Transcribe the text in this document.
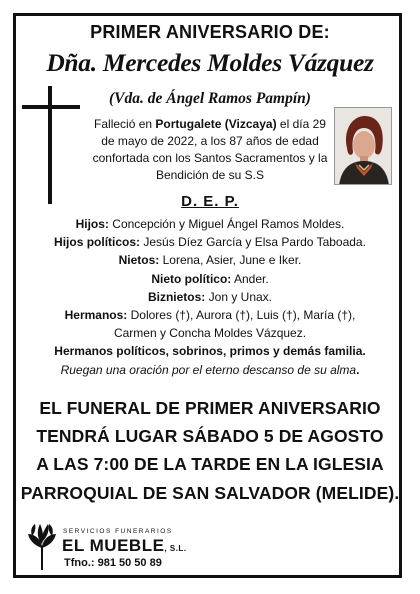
PRIMER ANIVERSARIO DE:
Dña. Mercedes Moldes Vázquez
(Vda. de Ángel Ramos Pampín)
Falleció en Portugalete (Vizcaya) el día 29 de mayo de 2022, a los 87 años de edad confortada con los Santos Sacramentos y la Bendición de su S.S
D. E. P.
Hijos: Concepción y Miguel Ángel Ramos Moldes.
Hijos políticos: Jesús Díez García y Elsa Pardo Taboada.
Nietos: Lorena, Asier, June e Iker.
Nieto político: Ander.
Biznietos: Jon y Unax.
Hermanos: Dolores (†), Aurora (†), Luis (†), María (†),
Carmen y Concha Moldes Vázquez.
Hermanos políticos, sobrinos, primos y demás familia.
Ruegan una oración por el eterno descanso de su alma.
EL FUNERAL DE PRIMER ANIVERSARIO
TENDRÁ LUGAR SÁBADO 5 DE AGOSTO
A LAS 7:00 DE LA TARDE EN LA IGLESIA
PARROQUIAL DE SAN SALVADOR (MELIDE).
SERVICIOS FUNERARIOS
EL MUEBLE, S.L.
Tfno.: 981 50 50 89
